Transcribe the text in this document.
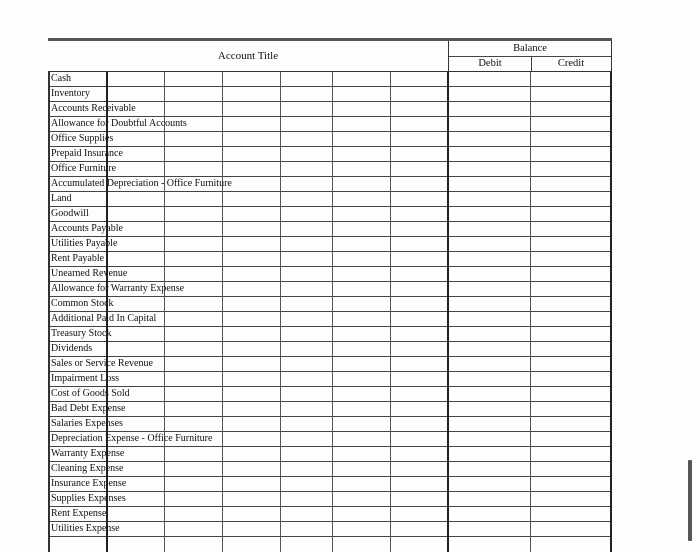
Account Title
Balance
Debit	Credit
Cash
Inventory
Accounts Receivable
Allowance for Doubtful Accounts
Office Supplies
Prepaid Insurance
Office Furniture
Accumulated Depreciation - Office Furniture
Land
Goodwill
Accounts Payable
Utilities Payable
Rent Payable
Unearned Revenue
Allowance for Warranty Expense
Common Stock
Additional Paid In Capital
Treasury Stock
Dividends
Sales or Service Revenue
Impairment Loss
Cost of Goods Sold
Bad Debt Expense
Salaries Expenses
Depreciation Expense - Office Furniture
Warranty Expense
Cleaning Expense
Insurance Expense
Supplies Expenses
Rent Expense
Utilities Expense
